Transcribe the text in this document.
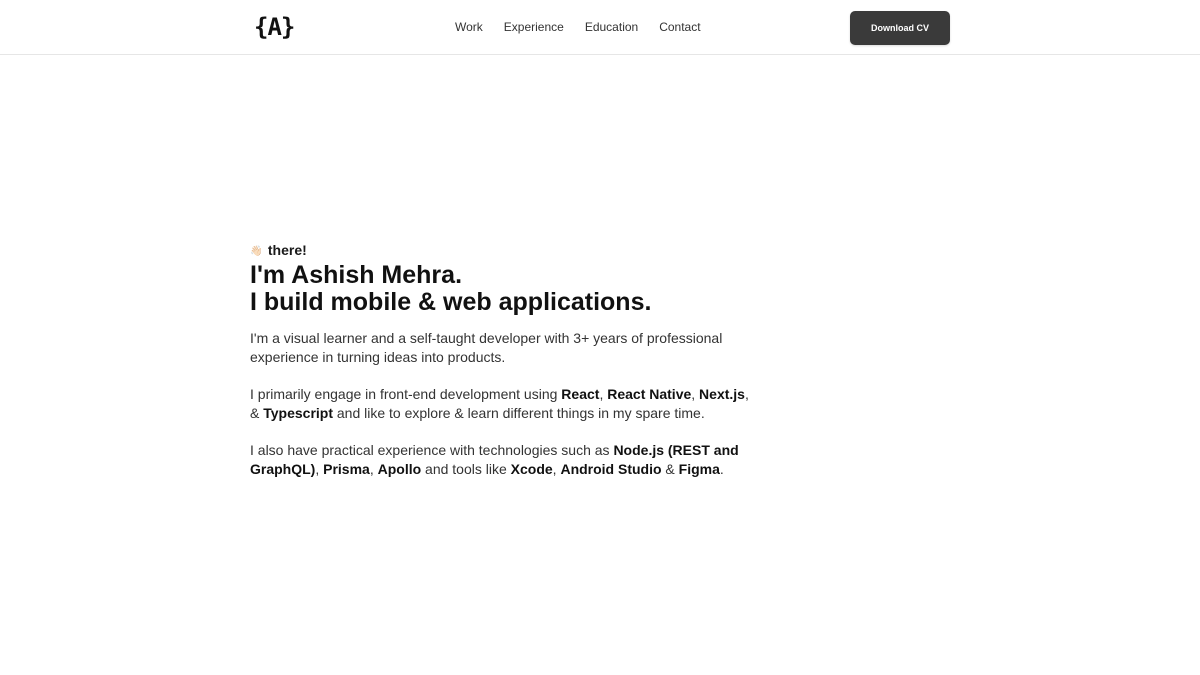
{A}	Work Experience Education Contact	Download CV

👋🏻 there!

I'm Ashish Mehra.
I build mobile & web applications.

I'm a visual learner and a self-taught developer with 3+ years of professional experience in turning ideas into products.

I primarily engage in front-end development using React, React Native, Next.js, & Typescript and like to explore & learn different things in my spare time.

I also have practical experience with technologies such as Node.js (REST and GraphQL), Prisma, Apollo and tools like Xcode, Android Studio & Figma.
